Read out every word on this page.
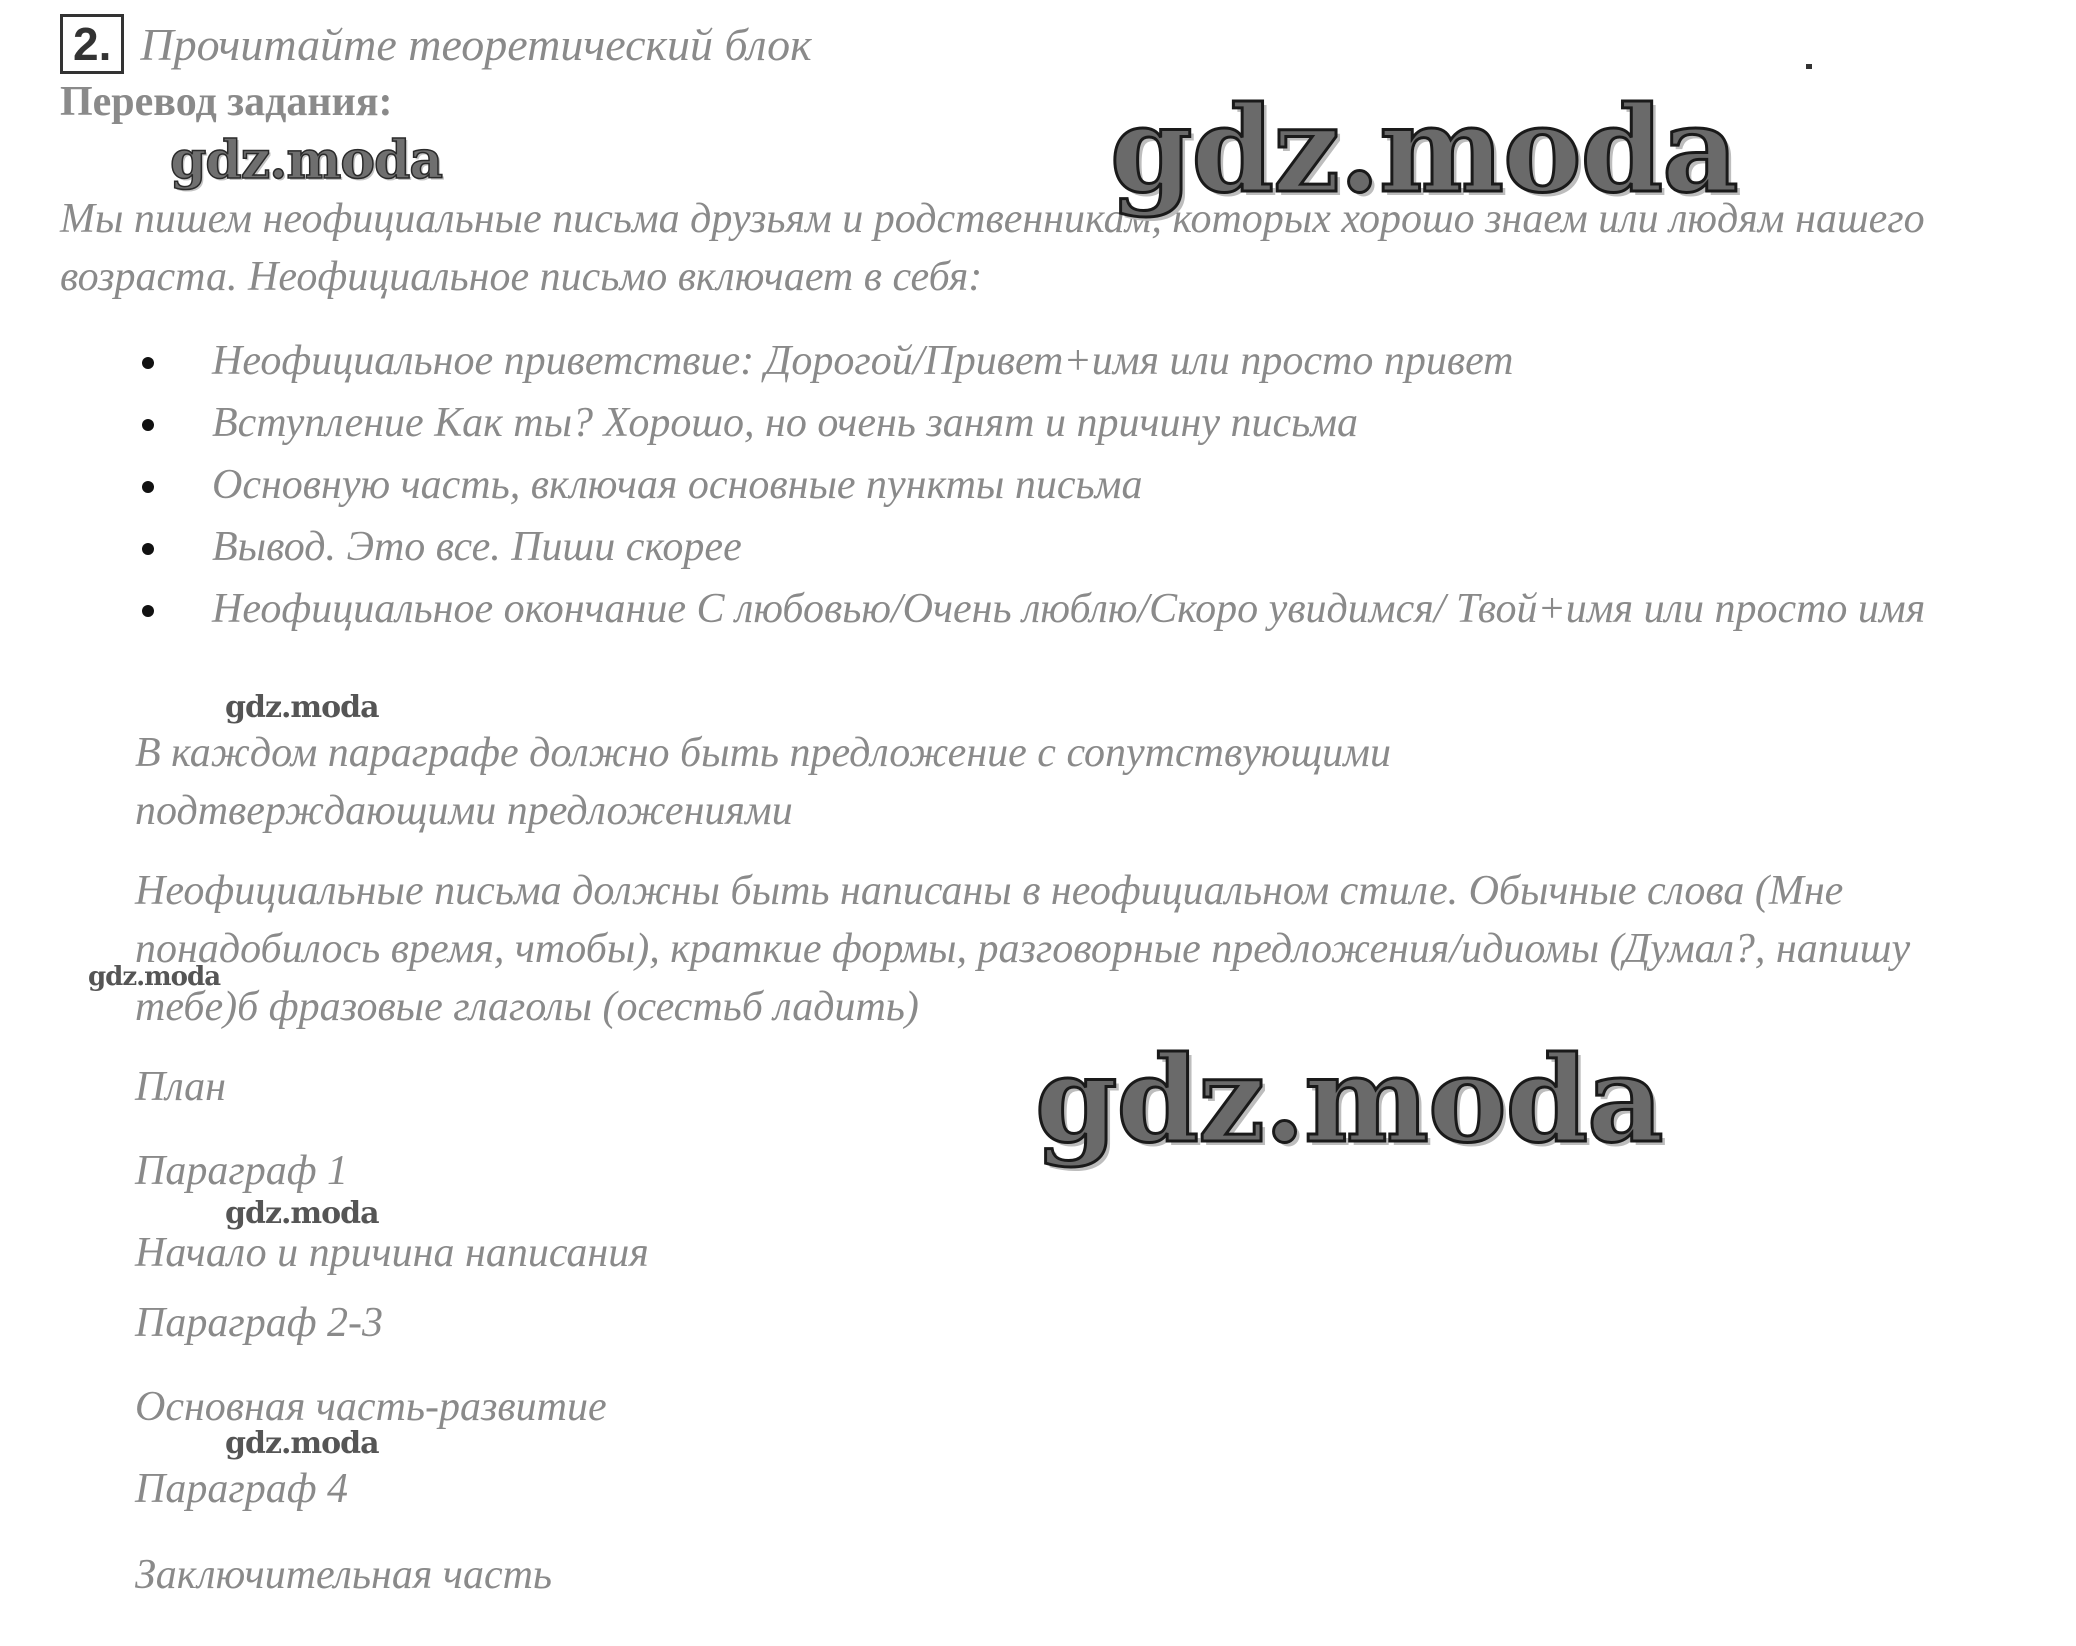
2. Прочитайте теоретический блок
Перевод задания:

Мы пишем неофициальные письма друзьям и родственникам, которых хорошо знаем или людям нашего возраста. Неофициальное письмо включает в себя:

Неофициальное приветствие: Дорогой/Привет+имя или просто привет
Вступление Как ты? Хорошо, но очень занят и причину письма
Основную часть, включая основные пункты письма
Вывод. Это все. Пиши скорее
Неофициальное окончание С любовью/Очень люблю/Скоро увидимся/ Твой+имя или просто имя

В каждом параграфе должно быть предложение с сопутствующими подтверждающими предложениями

Неофициальные письма должны быть написаны в неофициальном стиле. Обычные слова (Мне понадобилось время, чтобы), краткие формы, разговорные предложения/идиомы (Думал?, напишу тебе)б фразовые глаголы (осестьб ладить)

План

Параграф 1

Начало и причина написания

Параграф 2-3

Основная часть-развитие

Параграф 4

Заключительная часть

gdz.moda
gdz.moda
gdz.moda
gdz.moda
gdz.moda
gdz.moda
gdz.moda
